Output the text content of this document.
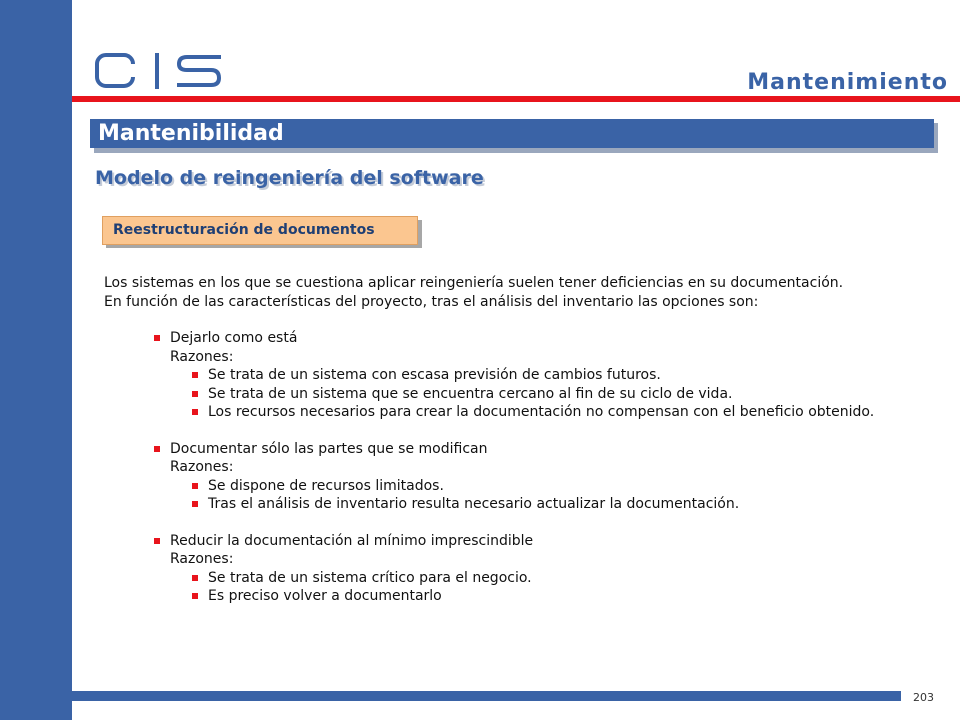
Mantenimiento
Mantenibilidad
Modelo de reingeniería del software
Reestructuración de documentos

Los sistemas en los que se cuestiona aplicar reingeniería suelen tener deficiencias en su documentación.

En función de las características del proyecto, tras el análisis del inventario las opciones son:

Dejarlo como está
Razones:
Se trata de un sistema con escasa previsión de cambios futuros.
Se trata de un sistema que se encuentra cercano al fin de su ciclo de vida.
Los recursos necesarios para crear la documentación no compensan con el beneficio obtenido.
Documentar sólo las partes que se modifican
Razones:
Se dispone de recursos limitados.
Tras el análisis de inventario resulta necesario actualizar la documentación.
Reducir la documentación al mínimo imprescindible
Razones:
Se trata de un sistema crítico para el negocio.
Es preciso volver a documentarlo
203
